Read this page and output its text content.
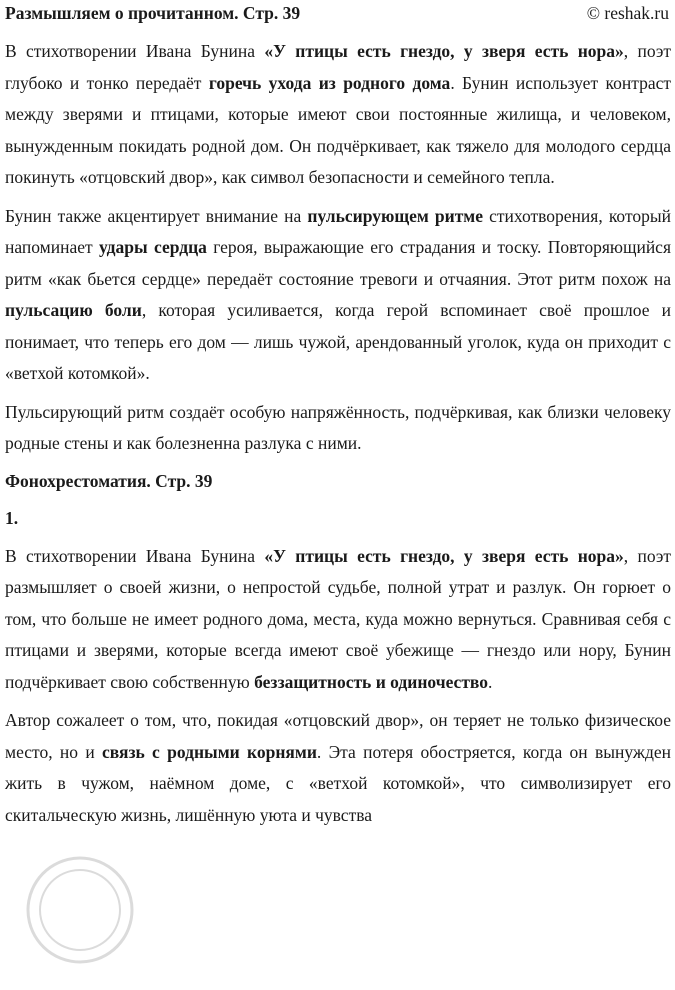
Размышляем о прочитанном. Стр. 39	© reshak.ru

В стихотворении Ивана Бунина «У птицы есть гнездо, у зверя есть нора», поэт глубоко и тонко передаёт горечь ухода из родного дома. Бунин использует контраст между зверями и птицами, которые имеют свои постоянные жилища, и человеком, вынужденным покидать родной дом. Он подчёркивает, как тяжело для молодого сердца покинуть «отцовский двор», как символ безопасности и семейного тепла.

Бунин также акцентирует внимание на пульсирующем ритме стихотворения, который напоминает удары сердца героя, выражающие его страдания и тоску. Повторяющийся ритм «как бьется сердце» передаёт состояние тревоги и отчаяния. Этот ритм похож на пульсацию боли, которая усиливается, когда герой вспоминает своё прошлое и понимает, что теперь его дом — лишь чужой, арендованный уголок, куда он приходит с «ветхой котомкой».

Пульсирующий ритм создаёт особую напряжённость, подчёркивая, как близки человеку родные стены и как болезненна разлука с ними.

Фонохрестоматия. Стр. 39
1.

В стихотворении Ивана Бунина «У птицы есть гнездо, у зверя есть нора», поэт размышляет о своей жизни, о непростой судьбе, полной утрат и разлук. Он горюет о том, что больше не имеет родного дома, места, куда можно вернуться. Сравнивая себя с птицами и зверями, которые всегда имеют своё убежище — гнездо или нору, Бунин подчёркивает свою собственную беззащитность и одиночество.

Автор сожалеет о том, что, покидая «отцовский двор», он теряет не только физическое место, но и связь с родными корнями. Эта потеря обостряется, когда он вынужден жить в чужом, наёмном доме, с «ветхой котомкой», что символизирует его скитальческую жизнь, лишённую уюта и чувства
